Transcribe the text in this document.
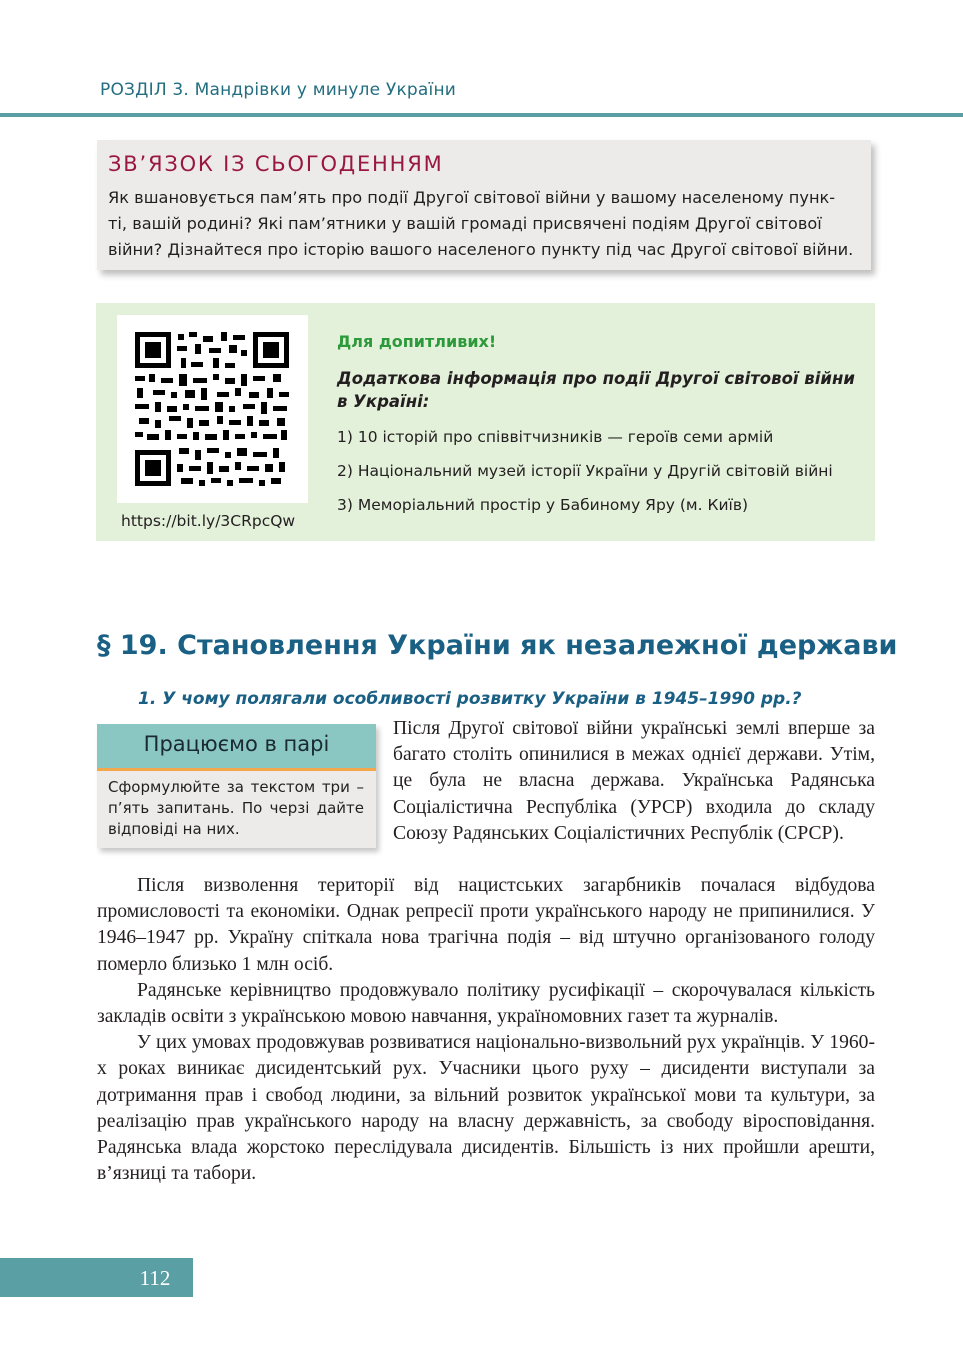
РОЗДІЛ 3. Мандрівки у минуле України
ЗВ’ЯЗОК ІЗ СЬОГОДЕННЯМ
Як вшановується пам’ять про події Другої світової війни у вашому населеному пунк-
ті, вашій родині? Які пам’ятники у вашій громаді присвячені подіям Другої світової
війни? Дізнайтеся про історію вашого населеного пункту під час Другої світової війни.
https://bit.ly/3CRpcQw
Для допитливих!
Додаткова інформація про події Другої світової війни
в Україні:
1) 10 історій про співвітчизників — героїв семи армій
2) Національний музей історії України у Другій світовій війні
3) Меморіальний простір у Бабиному Яру (м. Київ)
§ 19. Становлення України як незалежної держави
1. У чому полягали особливості розвитку України в 1945–1990 рр.?
Працюємо в парі
Сформулюйте за текстом три – п’ять запитань. По черзі дайте відповіді на них.
Після Другої світової війни українські землі вперше за багато століть опинилися в межах однієї держави. Утім, це була не власна держава. Українська Радянська Соціалістична Республіка (УРСР) входила до складу Союзу Радянських Соціалістичних Республік (СРСР).

Після визволення території від нацистських загарбників почалася відбудова промисловості та економіки. Однак репресії проти українського народу не припинилися. У 1946–1947 рр. Україну спіткала нова трагічна подія – від штучно організованого голоду померло близько 1 млн осіб.

Радянське керівництво продовжувало політику русифікації – скорочувалася кількість закладів освіти з українською мовою навчання, україномовних газет та журналів.

У цих умовах продовжував розвиватися національно-визвольний рух українців. У 1960-х роках виникає дисидентський рух. Учасники цього руху – дисиденти виступали за дотримання прав і свобод людини, за вільний розвиток української мови та культури, за реалізацію прав українського народу на власну державність, за свободу віросповідання. Радянська влада жорстоко переслідувала дисидентів. Більшість із них пройшли арешти, в’язниці та табори.

112
